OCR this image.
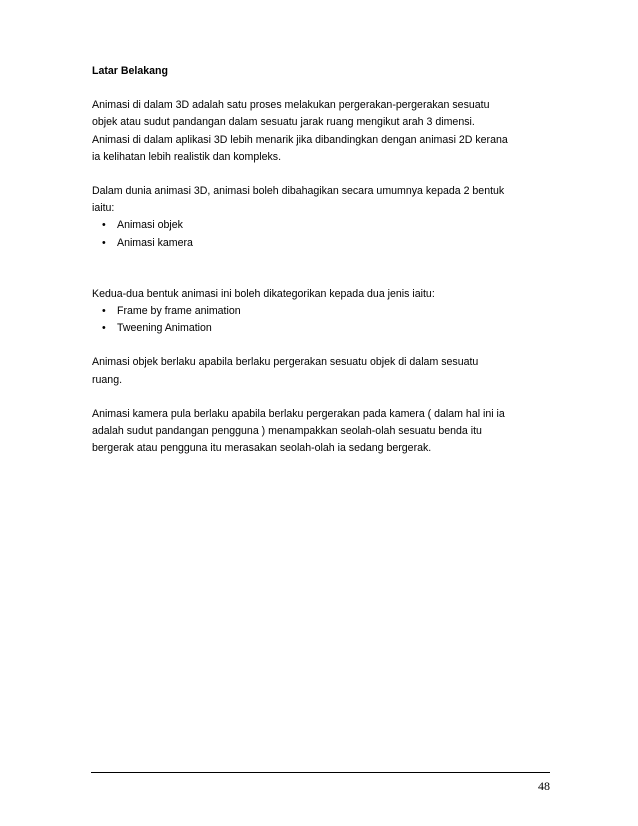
Latar Belakang

Animasi di dalam 3D adalah satu proses melakukan pergerakan-pergerakan sesuatu
objek atau sudut pandangan dalam sesuatu jarak ruang mengikut arah 3 dimensi.
Animasi di dalam aplikasi 3D lebih menarik jika dibandingkan dengan animasi 2D kerana
ia kelihatan lebih realistik dan kompleks.

Dalam dunia animasi 3D, animasi boleh dibahagikan secara umumnya kepada 2 bentuk
iaitu:
• Animasi objek
• Animasi kamera
Kedua-dua bentuk animasi ini boleh dikategorikan kepada dua jenis iaitu:
• Frame by frame animation
• Tweening Animation

Animasi objek berlaku apabila berlaku pergerakan sesuatu objek di dalam sesuatu
ruang.

Animasi kamera pula berlaku apabila berlaku pergerakan pada kamera ( dalam hal ini ia
adalah sudut pandangan pengguna ) menampakkan seolah-olah sesuatu benda itu
bergerak atau pengguna itu merasakan seolah-olah ia sedang bergerak.

48
